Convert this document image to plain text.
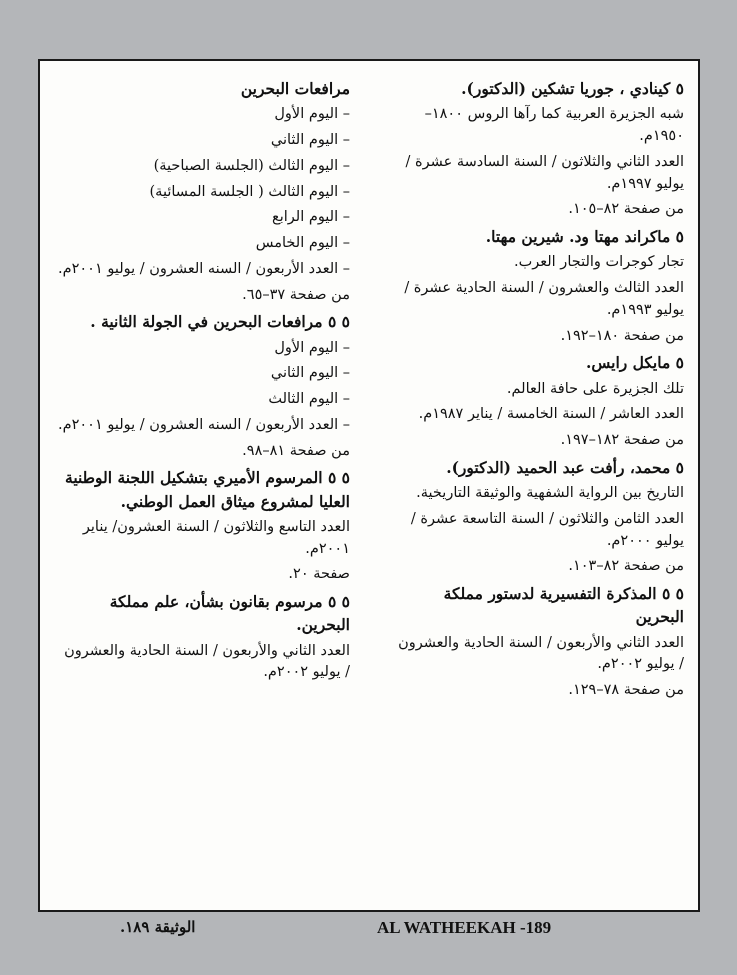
٥ كينادي ، جوريا تشكين (الدكتور).

شبه الجزيرة العربية كما رآها الروس ١٨٠٠–١٩٥٠م.

العدد الثاني والثلاثون / السنة السادسة عشرة / يوليو ١٩٩٧م.

من صفحة ٨٢–١٠٥.

٥ ماكراند مهتا ود. شيرين مهتا.

تجار كوجرات والتجار العرب.

العدد الثالث والعشرون / السنة الحادية عشرة / يوليو ١٩٩٣م.

من صفحة ١٨٠–١٩٢.

٥ مايكل رايس.

تلك الجزيرة على حافة العالم.

العدد العاشر / السنة الخامسة / يناير ١٩٨٧م.

من صفحة ١٨٢–١٩٧.

٥ محمد، رأفت عبد الحميد (الدكتور).

التاريخ بين الرواية الشفهية والوثيقة التاريخية.

العدد الثامن والثلاثون / السنة التاسعة عشرة / يوليو ٢٠٠٠م.

من صفحة ٨٢–١٠٣.

٥ ٥ المذكرة التفسيرية لدستور مملكة البحرين

العدد الثاني والأربعون / السنة الحادية والعشرون / يوليو ٢٠٠٢م.

من صفحة ٧٨–١٢٩.

مرافعات البحرين

– اليوم الأول

– اليوم الثاني

– اليوم الثالث (الجلسة الصباحية)

– اليوم الثالث ( الجلسة المسائية)

– اليوم الرابع

– اليوم الخامس

– العدد الأربعون / السنه العشرون / يوليو ٢٠٠١م.

من صفحة ٣٧–٦٥.

٥ ٥ مرافعات البحرين في الجولة الثانية .

– اليوم الأول

– اليوم الثاني

– اليوم الثالث

– العدد الأربعون / السنه العشرون / يوليو ٢٠٠١م.

من صفحة ٨١–٩٨.

٥ ٥ المرسوم الأميري بتشكيل اللجنة الوطنية العليا لمشروع ميثاق العمل الوطني.

العدد التاسع والثلاثون / السنة العشرون/ يناير ٢٠٠١م.

صفحة ٢٠.

٥ ٥ مرسوم بقانون بشأن، علم مملكة البحرين.

العدد الثاني والأربعون / السنة الحادية والعشرون / يوليو ٢٠٠٢م.

AL WATHEEKAH -189
الوثيقة ١٨٩.
